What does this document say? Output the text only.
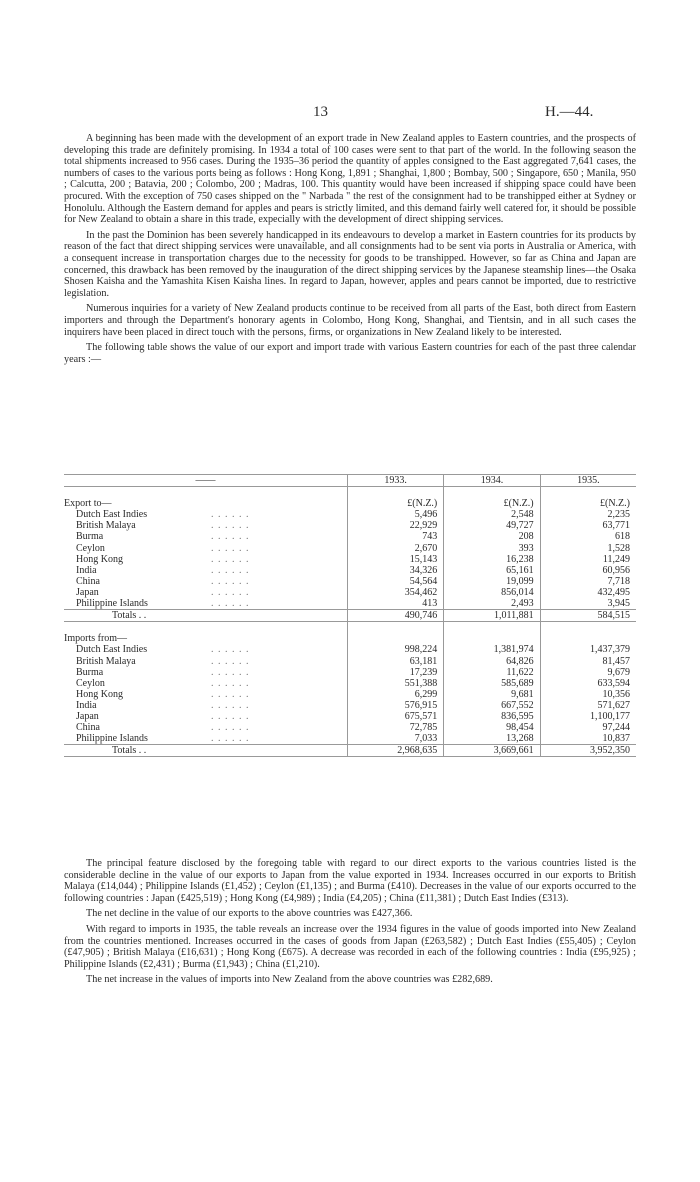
13	H.—44.

A beginning has been made with the development of an export trade in New Zealand apples to Eastern countries, and the prospects of developing this trade are definitely promising. In 1934 a total of 100 cases were sent to that part of the world. In the following season the total shipments increased to 956 cases. During the 1935–36 period the quantity of apples consigned to the East aggregated 7,641 cases, the numbers of cases to the various ports being as follows : Hong Kong, 1,891 ; Shanghai, 1,800 ; Bombay, 500 ; Singapore, 650 ; Manila, 950 ; Calcutta, 200 ; Batavia, 200 ; Colombo, 200 ; Madras, 100. This quantity would have been increased if shipping space could have been procured. With the exception of 750 cases shipped on the " Narbada " the rest of the consignment had to be transhipped either at Sydney or Honolulu. Although the Eastern demand for apples and pears is strictly limited, and this demand fairly well catered for, it should be possible for New Zealand to obtain a share in this trade, expecially with the development of direct shipping services.

In the past the Dominion has been severely handicapped in its endeavours to develop a market in Eastern countries for its products by reason of the fact that direct shipping services were unavailable, and all consignments had to be sent via ports in Australia or America, with a consequent increase in transportation charges due to the necessity for goods to be transhipped. However, so far as China and Japan are concerned, this drawback has been removed by the inauguration of the direct shipping services by the Japanese steamship lines—the Osaka Shosen Kaisha and the Yamashita Kisen Kaisha lines. In regard to Japan, however, apples and pears cannot be imported, due to restrictive legislation.

Numerous inquiries for a variety of New Zealand products continue to be received from all parts of the East, both direct from Eastern importers and through the Department's honorary agents in Colombo, Hong Kong, Shanghai, and Tientsin, and in all such cases the inquirers have been placed in direct touch with the persons, firms, or organizations in New Zealand likely to be interested.

The following table shows the value of our export and import trade with various Eastern countries for each of the past three calendar years :—

——	1933.	1934.	1935.

Export to—	£(N.Z.)	£(N.Z.)	£(N.Z.)
Dutch East Indies . . . . . .	5,496	2,548	2,235
British Malaya . . . . . .	22,929	49,727	63,771
Burma . . . . . .	743	208	618
Ceylon . . . . . .	2,670	393	1,528
Hong Kong . . . . . .	15,143	16,238	11,249
India . . . . . .	34,326	65,161	60,956
China . . . . . .	54,564	19,099	7,718
Japan . . . . . .	354,462	856,014	432,495
Philippine Islands . . . . . .	413	2,493	3,945
Totals . .	490,746	1,011,881	584,515

Imports from—			
Dutch East Indies . . . . . .	998,224	1,381,974	1,437,379
British Malaya . . . . . .	63,181	64,826	81,457
Burma . . . . . .	17,239	11,622	9,679
Ceylon . . . . . .	551,388	585,689	633,594
Hong Kong . . . . . .	6,299	9,681	10,356
India . . . . . .	576,915	667,552	571,627
Japan . . . . . .	675,571	836,595	1,100,177
China . . . . . .	72,785	98,454	97,244
Philippine Islands . . . . . .	7,033	13,268	10,837
Totals . .	2,968,635	3,669,661	3,952,350

The principal feature disclosed by the foregoing table with regard to our direct exports to the various countries listed is the considerable decline in the value of our exports to Japan from the value exported in 1934. Increases occurred in our exports to British Malaya (£14,044) ; Philippine Islands (£1,452) ; Ceylon (£1,135) ; and Burma (£410). Decreases in the value of our exports occurred to the following countries : Japan (£425,519) ; Hong Kong (£4,989) ; India (£4,205) ; China (£11,381) ; Dutch East Indies (£313).

The net decline in the value of our exports to the above countries was £427,366.

With regard to imports in 1935, the table reveals an increase over the 1934 figures in the value of goods imported into New Zealand from the countries mentioned. Increases occurred in the cases of goods from Japan (£263,582) ; Dutch East Indies (£55,405) ; Ceylon (£47,905) ; British Malaya (£16,631) ; Hong Kong (£675). A decrease was recorded in each of the following countries : India (£95,925) ; Philippine Islands (£2,431) ; Burma (£1,943) ; China (£1,210).

The net increase in the values of imports into New Zealand from the above countries was £282,689.
